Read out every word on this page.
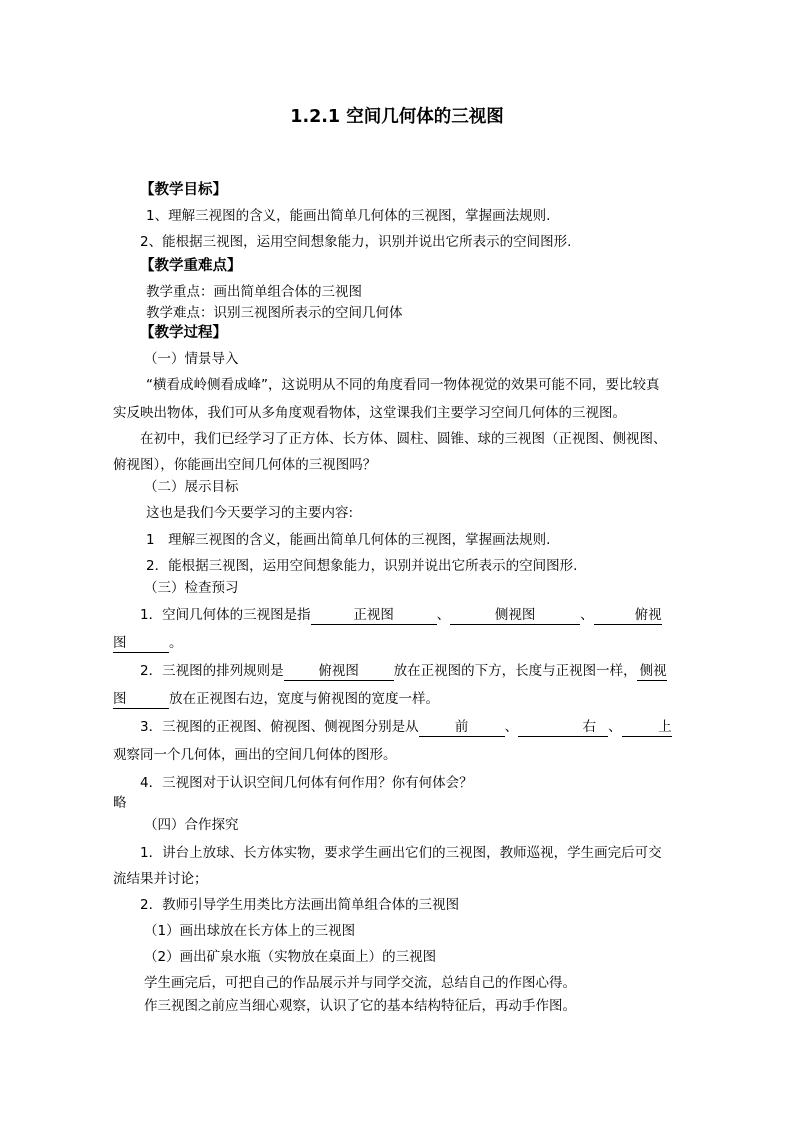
1.2.1 空间几何体的三视图
【教学目标】
1、理解三视图的含义，能画出简单几何体的三视图，掌握画法规则.
2、能根据三视图，运用空间想象能力，识别并说出它所表示的空间图形.
【教学重难点】
教学重点：画出简单组合体的三视图
教学难点：识别三视图所表示的空间几何体
【教学过程】
（一）情景导入
“横看成岭侧看成峰”，这说明从不同的角度看同一物体视觉的效果可能不同，要比较真
实反映出物体，我们可从多角度观看物体，这堂课我们主要学习空间几何体的三视图。
在初中，我们已经学习了正方体、长方体、圆柱、圆锥、球的三视图（正视图、侧视图、
俯视图），你能画出空间几何体的三视图吗？
（二）展示目标
这也是我们今天要学习的主要内容:
1　理解三视图的含义，能画出简单几何体的三视图，掌握画法规则.
2．能根据三视图，运用空间想象能力，识别并说出它所表示的空间图形.
（三）检查预习
1．空间几何体的三视图是指	正视图	、	侧视图	、	俯视
图	。
2．三视图的排列规则是	俯视图	放在正视图的下方，长度与正视图一样， 侧视
图	放在正视图右边，宽度与俯视图的宽度一样。
3．三视图的正视图、俯视图、侧视图分别是从	前	、	右 、	上
观察同一个几何体，画出的空间几何体的图形。
4．三视图对于认识空间几何体有何作用？你有何体会？
略
（四）合作探究
1．讲台上放球、长方体实物，要求学生画出它们的三视图，教师巡视，学生画完后可交
流结果并讨论；
2．教师引导学生用类比方法画出简单组合体的三视图
（1）画出球放在长方体上的三视图
（2）画出矿泉水瓶（实物放在桌面上）的三视图
学生画完后，可把自己的作品展示并与同学交流，总结自己的作图心得。
作三视图之前应当细心观察，认识了它的基本结构特征后，再动手作图。
